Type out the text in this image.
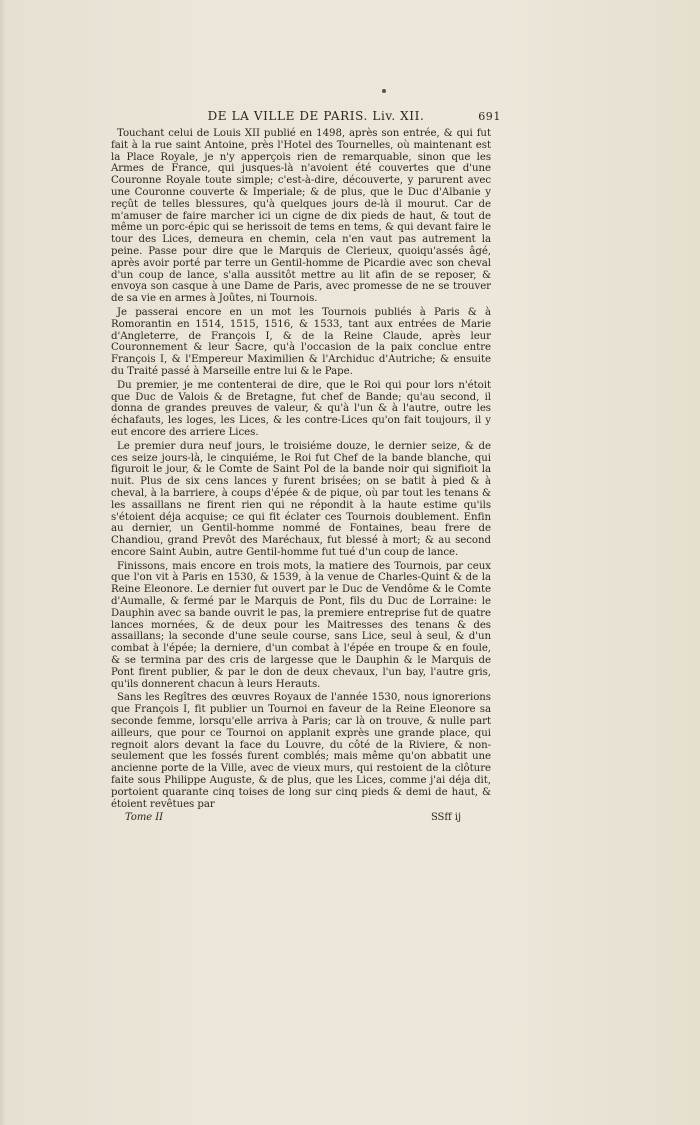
DE LA VILLE DE PARIS. Liv. XII.	691

Touchant celui de Louis XII publié en 1498, après son entrée, & qui fut fait à la rue saint Antoine, près l'Hotel des Tournelles, où maintenant est la Place Royale, je n'y apperçois rien de remarquable, sinon que les Armes de France, qui jusques-là n'avoient été couvertes que d'une Couronne Royale toute simple; c'est-à-dire, découverte, y parurent avec une Couronne couverte & Imperiale; & de plus, que le Duc d'Albanie y reçût de telles blessures, qu'à quelques jours de-là il mourut. Car de m'amuser de faire marcher ici un cigne de dix pieds de haut, & tout de même un porc-épic qui se herissoit de tems en tems, & qui devant faire le tour des Lices, demeura en chemin, cela n'en vaut pas autrement la peine. Passe pour dire que le Marquis de Clerieux, quoiqu'assés âgé, après avoir porté par terre un Gentil-homme de Picardie avec son cheval d'un coup de lance, s'alla aussitôt mettre au lit afin de se reposer, & envoya son casque à une Dame de Paris, avec promesse de ne se trouver de sa vie en armes à Joûtes, ni Tournois.

Je passerai encore en un mot les Tournois publiés à Paris & à Romorantin en 1514, 1515, 1516, & 1533, tant aux entrées de Marie d'Angleterre, de François I, & de la Reine Claude, après leur Couronnement & leur Sacre, qu'à l'occasion de la paix conclue entre François I, & l'Empereur Maximilien & l'Archiduc d'Autriche; & ensuite du Traité passé à Marseille entre lui & le Pape.

Du premier, je me contenterai de dire, que le Roi qui pour lors n'étoit que Duc de Valois & de Bretagne, fut chef de Bande; qu'au second, il donna de grandes preuves de valeur, & qu'à l'un & à l'autre, outre les échafauts, les loges, les Lices, & les contre-Lices qu'on fait toujours, il y eut encore des arriere Lices.

Le premier dura neuf jours, le troisiéme douze, le dernier seize, & de ces seize jours-là, le cinquiéme, le Roi fut Chef de la bande blanche, qui figuroit le jour, & le Comte de Saint Pol de la bande noir qui signifioit la nuit. Plus de six cens lances y furent brisées; on se batit à pied & à cheval, à la barriere, à coups d'épée & de pique, où par tout les tenans & les assaillans ne firent rien qui ne répondit à la haute estime qu'ils s'étoient déja acquise; ce qui fit éclater ces Tournois doublement. Enfin au dernier, un Gentil-homme nommé de Fontaines, beau frere de Chandiou, grand Prevôt des Maréchaux, fut blessé à mort; & au second encore Saint Aubin, autre Gentil-homme fut tué d'un coup de lance.

Finissons, mais encore en trois mots, la matiere des Tournois, par ceux que l'on vit à Paris en 1530, & 1539, à la venue de Charles-Quint & de la Reine Eleonore. Le dernier fut ouvert par le Duc de Vendôme & le Comte d'Aumalle, & fermé par le Marquis de Pont, fils du Duc de Lorraine: le Dauphin avec sa bande ouvrit le pas, la premiere entreprise fut de quatre lances mornées, & de deux pour les Maitresses des tenans & des assaillans; la seconde d'une seule course, sans Lice, seul à seul, & d'un combat à l'épée; la derniere, d'un combat à l'épée en troupe & en foule, & se termina par des cris de largesse que le Dauphin & le Marquis de Pont firent publier, & par le don de deux chevaux, l'un bay, l'autre gris, qu'ils donnerent chacun à leurs Herauts.

Sans les Regîtres des œuvres Royaux de l'année 1530, nous ignorerions que François I, fit publier un Tournoi en faveur de la Reine Eleonore sa seconde femme, lorsqu'elle arriva à Paris; car là on trouve, & nulle part ailleurs, que pour ce Tournoi on applanit exprès une grande place, qui regnoit alors devant la face du Louvre, du côté de la Riviere, & non-seulement que les fossés furent comblés; mais même qu'on abbatit une ancienne porte de la Ville, avec de vieux murs, qui restoient de la clôture faite sous Philippe Auguste, & de plus, que les Lices, comme j'ai déja dit, portoient quarante cinq toises de long sur cinq pieds & demi de haut, & étoient revêtues par

Tome II	SSff ij
